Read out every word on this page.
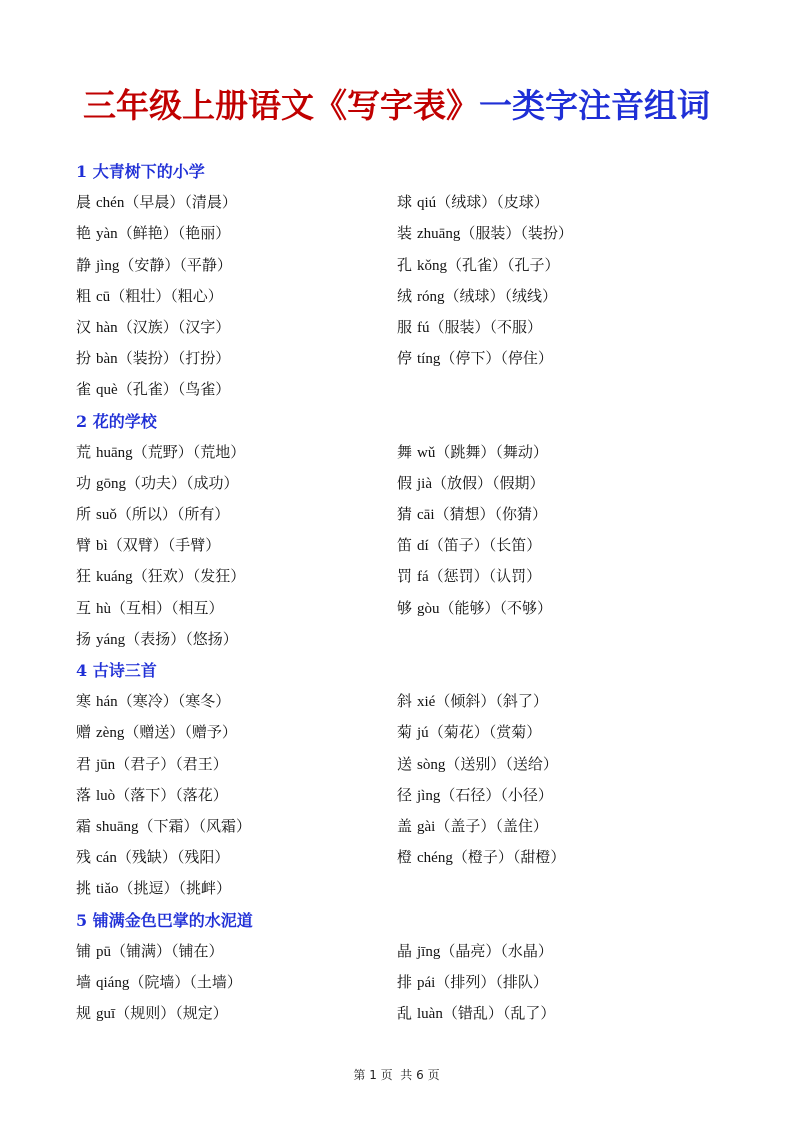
三年级上册语文《写字表》一类字注音组词
1 大青树下的小学
晨 chén（早晨）（清晨）	球 qiú（绒球）（皮球）
艳 yàn（鲜艳）（艳丽）	装 zhuāng（服装）（装扮）
静 jìng（安静）（平静）	孔 kǒng（孔雀）（孔子）
粗 cū（粗壮）（粗心）	绒 róng（绒球）（绒线）
汉 hàn（汉族）（汉字）	服 fú（服装）（不服）
扮 bàn（装扮）（打扮）	停 tíng（停下）（停住）
雀 què（孔雀）（鸟雀）
2 花的学校
荒 huāng（荒野）（荒地）	舞 wǔ（跳舞）（舞动）
功 gōng（功夫）（成功）	假 jià（放假）（假期）
所 suǒ（所以）（所有）	猜 cāi（猜想）（你猜）
臂 bì（双臂）（手臂）	笛 dí（笛子）（长笛）
狂 kuáng（狂欢）（发狂）	罚 fá（惩罚）（认罚）
互 hù（互相）（相互）	够 gòu（能够）（不够）
扬 yáng（表扬）（悠扬）
4 古诗三首
寒 hán（寒冷）（寒冬）	斜 xié（倾斜）（斜了）
赠 zèng（赠送）（赠予）	菊 jú（菊花）（赏菊）
君 jūn（君子）（君王）	送 sòng（送别）（送给）
落 luò（落下）（落花）	径 jìng（石径）（小径）
霜 shuāng（下霜）（风霜）	盖 gài（盖子）（盖住）
残 cán（残缺）（残阳）	橙 chéng（橙子）（甜橙）
挑 tiǎo（挑逗）（挑衅）
5 铺满金色巴掌的水泥道
铺 pū（铺满）（铺在）	晶 jīng（晶亮）（水晶）
墙 qiáng（院墙）（土墙）	排 pái（排列）（排队）
规 guī（规则）（规定）	乱 luàn（错乱）（乱了）
第 1 页  共 6 页
